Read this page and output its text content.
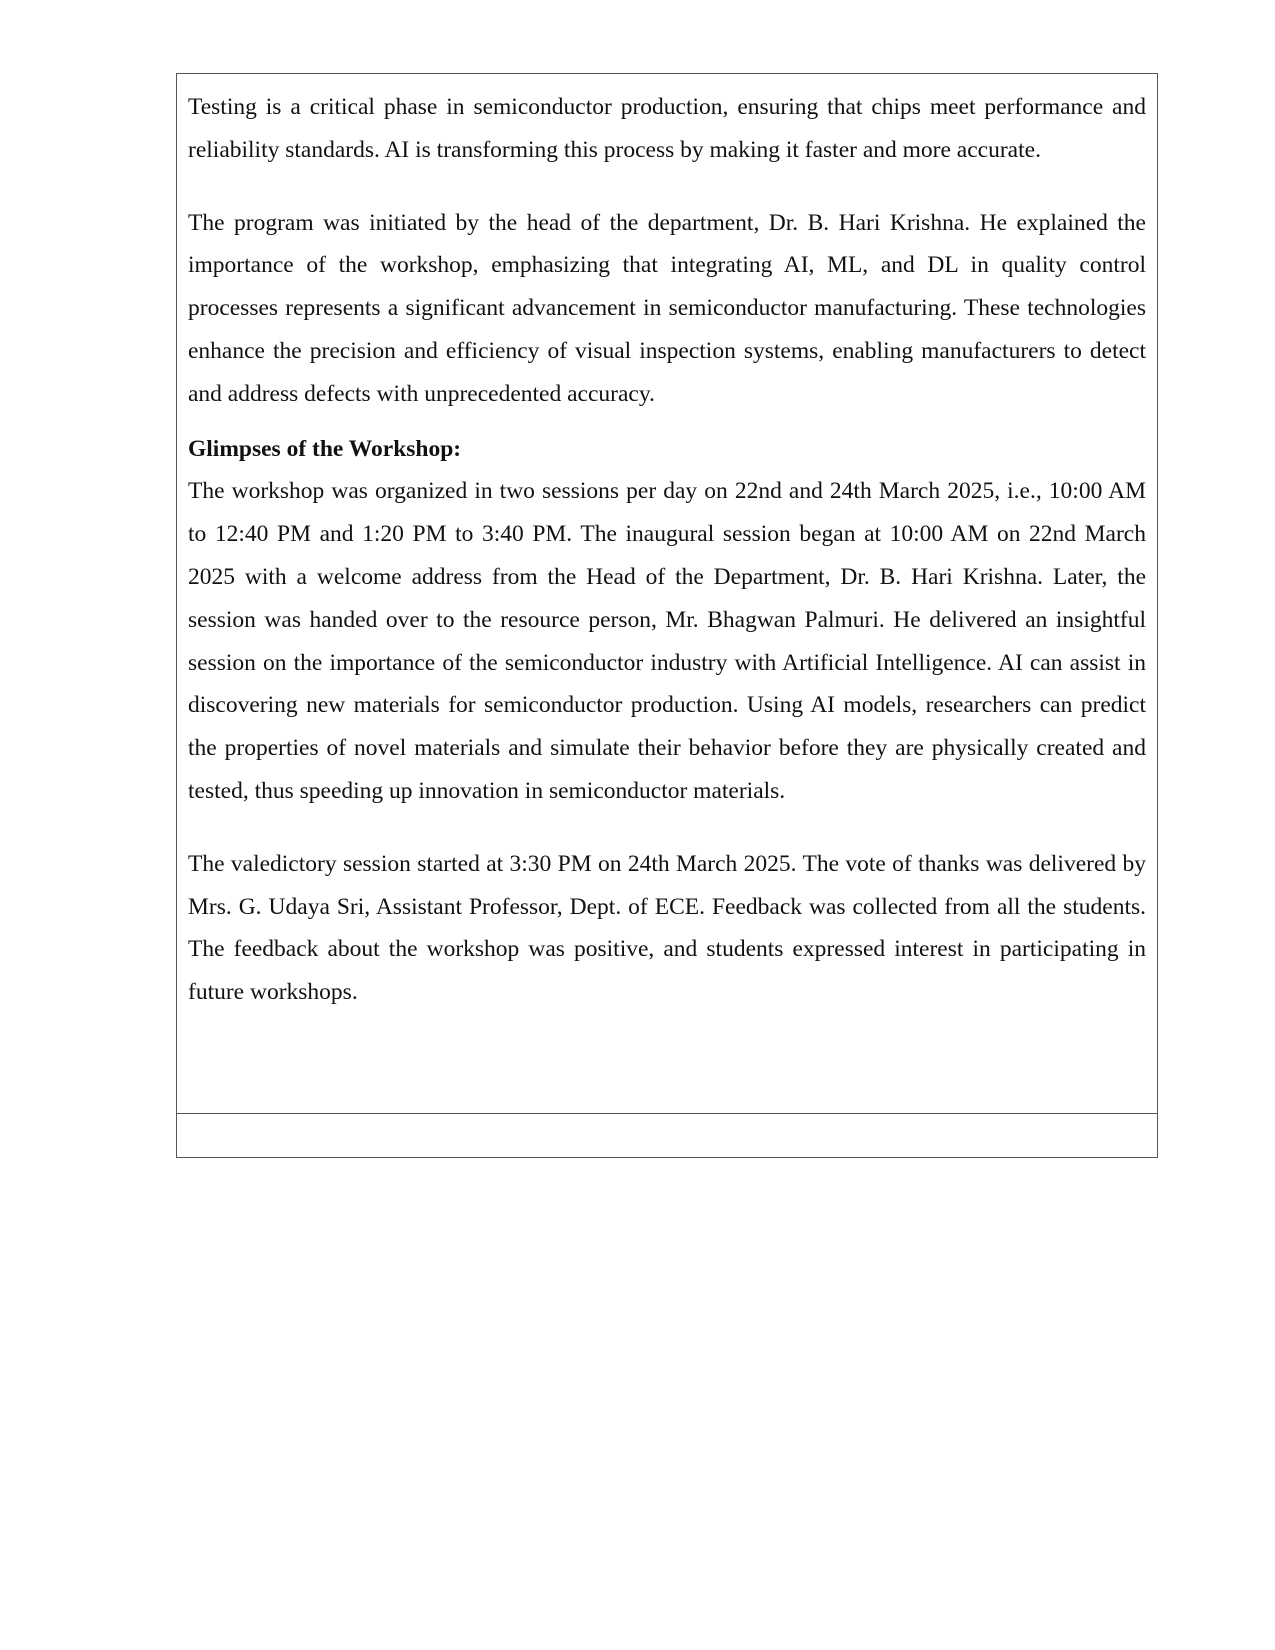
Testing is a critical phase in semiconductor production, ensuring that chips meet performance and reliability standards. AI is transforming this process by making it faster and more accurate.

The program was initiated by the head of the department, Dr. B. Hari Krishna. He explained the importance of the workshop, emphasizing that integrating AI, ML, and DL in quality control processes represents a significant advancement in semiconductor manufacturing. These technologies enhance the precision and efficiency of visual inspection systems, enabling manufacturers to detect and address defects with unprecedented accuracy.

Glimpses of the Workshop:

The workshop was organized in two sessions per day on 22nd and 24th March 2025, i.e., 10:00 AM to 12:40 PM and 1:20 PM to 3:40 PM. The inaugural session began at 10:00 AM on 22nd March 2025 with a welcome address from the Head of the Department, Dr. B. Hari Krishna. Later, the session was handed over to the resource person, Mr. Bhagwan Palmuri. He delivered an insightful session on the importance of the semiconductor industry with Artificial Intelligence. AI can assist in discovering new materials for semiconductor production. Using AI models, researchers can predict the properties of novel materials and simulate their behavior before they are physically created and tested, thus speeding up innovation in semiconductor materials.

The valedictory session started at 3:30 PM on 24th March 2025. The vote of thanks was delivered by Mrs. G. Udaya Sri, Assistant Professor, Dept. of ECE. Feedback was collected from all the students. The feedback about the workshop was positive, and students expressed interest in participating in future workshops.
